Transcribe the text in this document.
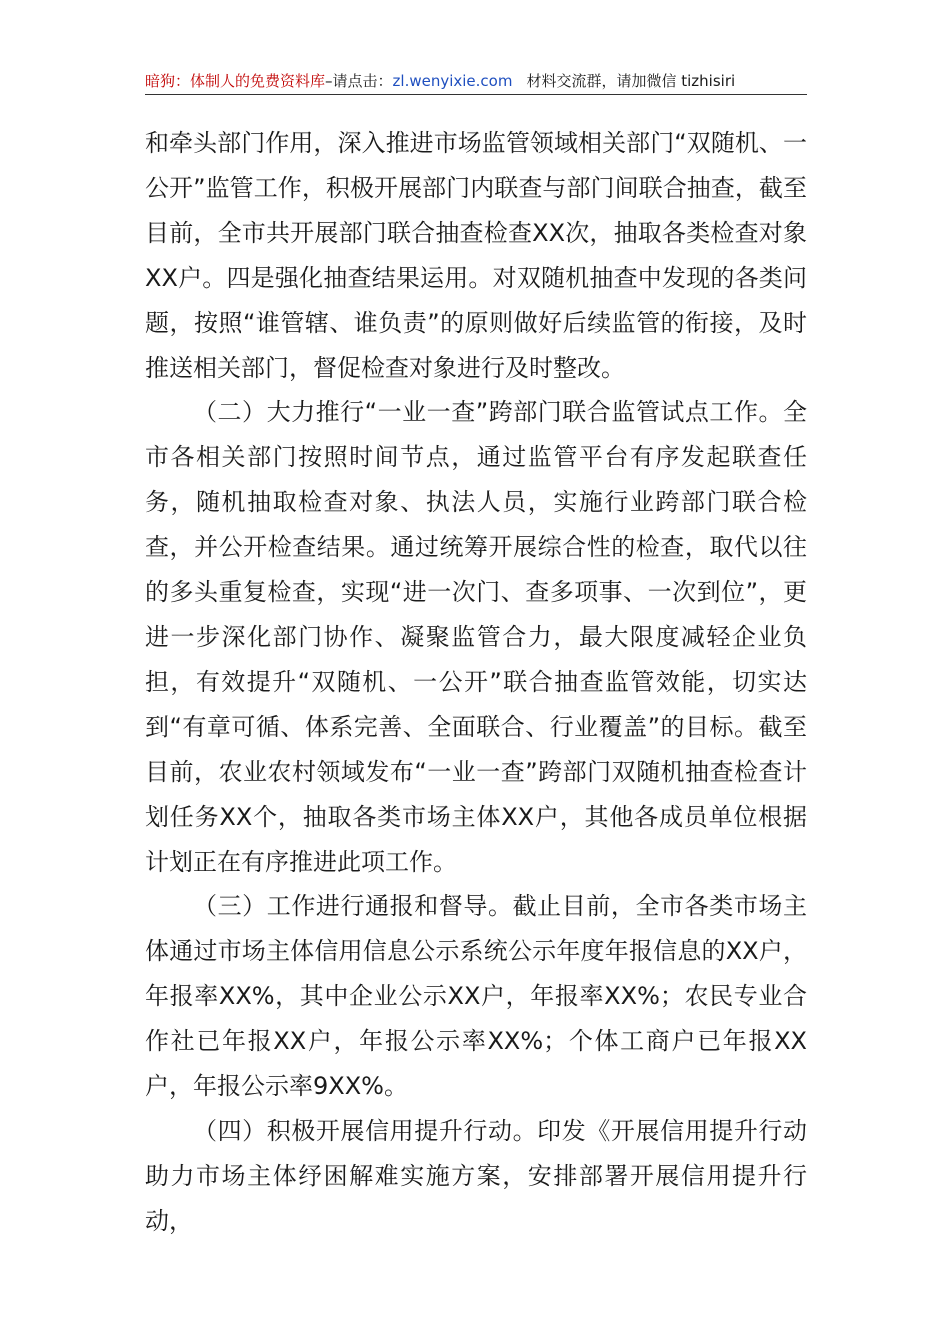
暗狗：体制人的免费资料库–请点击：zl.wenyixie.com 材料交流群，请加微信 tizhisiri

和牵头部门作用，深入推进市场监管领域相关部门“双随机、一公开”监管工作，积极开展部门内联查与部门间联合抽查，截至目前，全市共开展部门联合抽查检查XX次，抽取各类检查对象XX户。四是强化抽查结果运用。对双随机抽查中发现的各类问题，按照“谁管辖、谁负责”的原则做好后续监管的衔接，及时推送相关部门，督促检查对象进行及时整改。

（二）大力推行“一业一查”跨部门联合监管试点工作。全市各相关部门按照时间节点，通过监管平台有序发起联查任务，随机抽取检查对象、执法人员，实施行业跨部门联合检查，并公开检查结果。通过统筹开展综合性的检查，取代以往的多头重复检查，实现“进一次门、查多项事、一次到位”，更进一步深化部门协作、凝聚监管合力，最大限度减轻企业负担，有效提升“双随机、一公开”联合抽查监管效能，切实达到“有章可循、体系完善、全面联合、行业覆盖”的目标。截至目前，农业农村领域发布“一业一查”跨部门双随机抽查检查计划任务XX个，抽取各类市场主体XX户，其他各成员单位根据计划正在有序推进此项工作。

（三）工作进行通报和督导。截止目前，全市各类市场主体通过市场主体信用信息公示系统公示年度年报信息的XX户，年报率XX%，其中企业公示XX户，年报率XX%；农民专业合作社已年报XX户，年报公示率XX%；个体工商户已年报XX户，年报公示率9XX%。

（四）积极开展信用提升行动。印发《开展信用提升行动助力市场主体纾困解难实施方案，安排部署开展信用提升行动，
